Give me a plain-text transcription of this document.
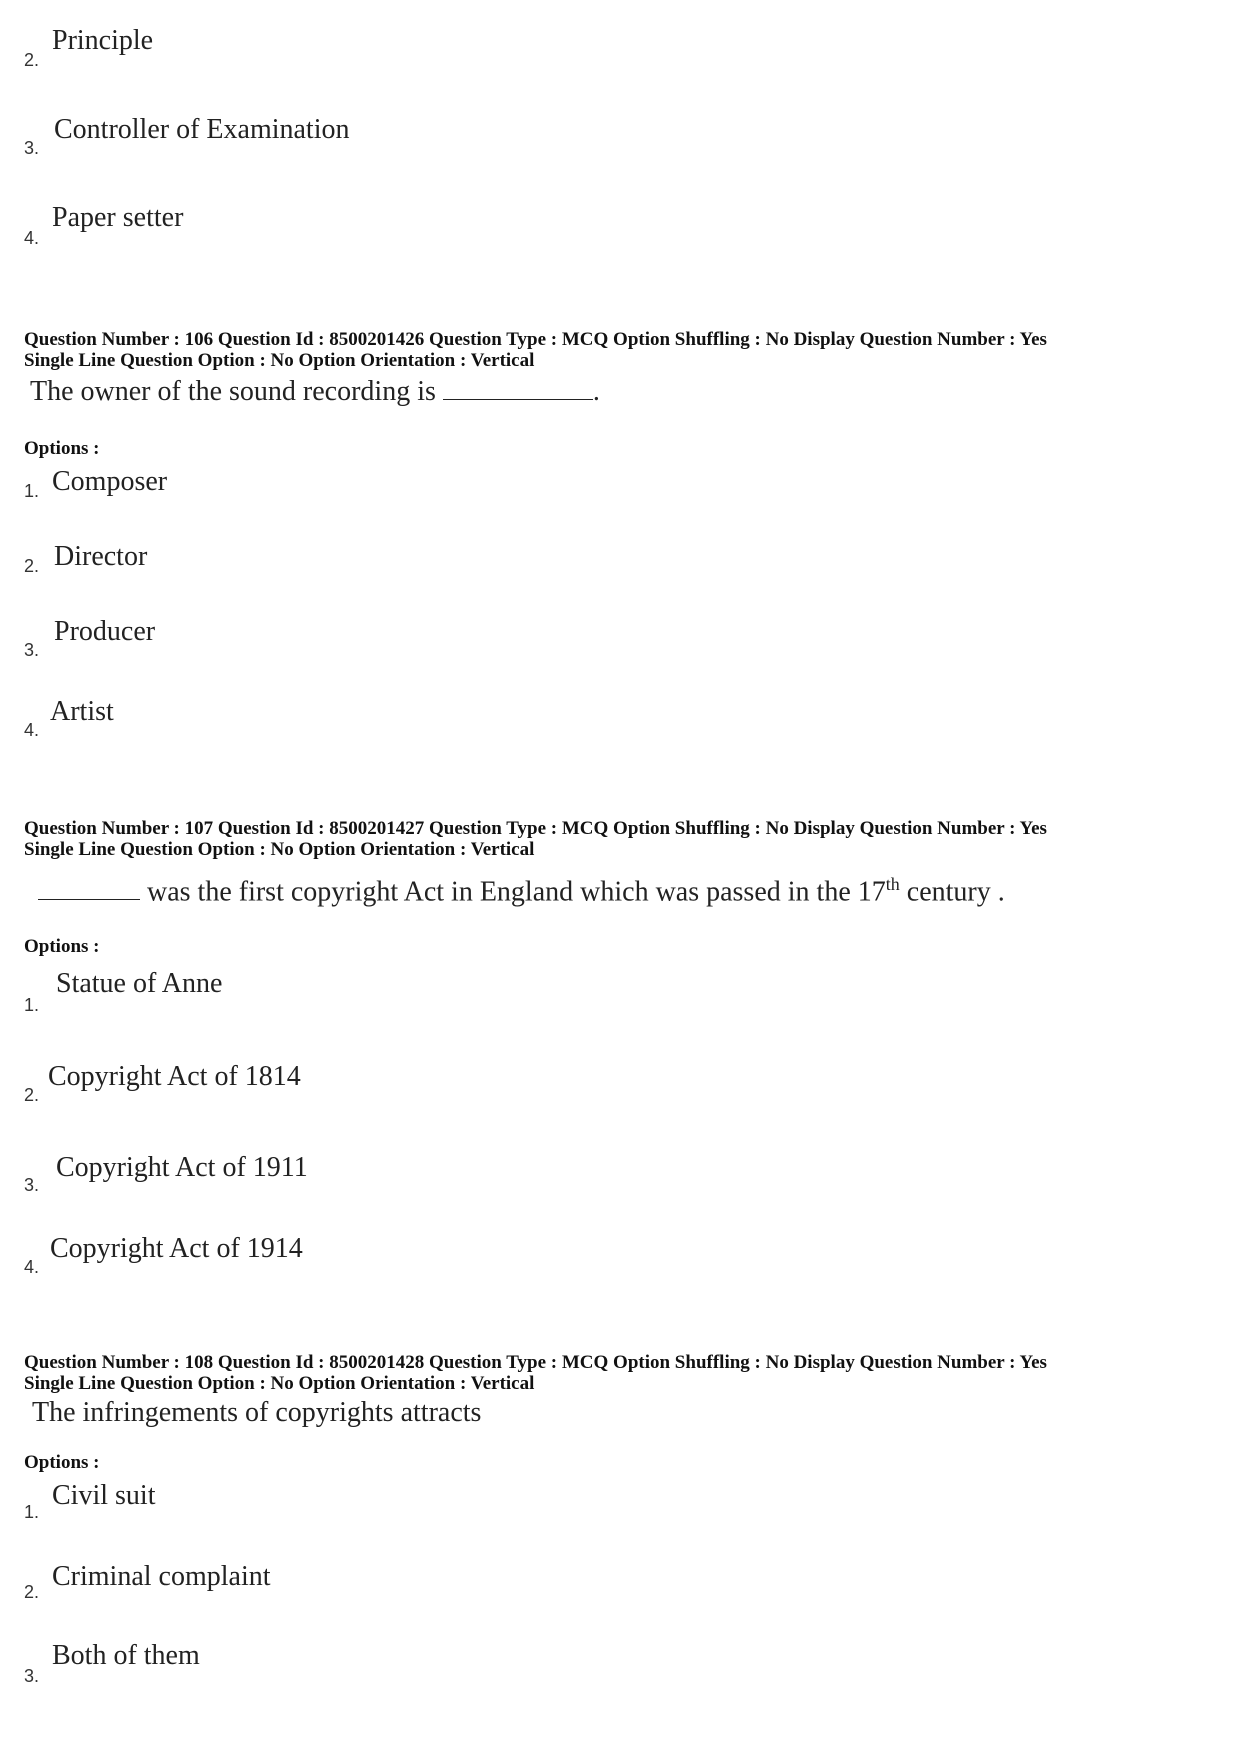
2.
Principle
3.
Controller of Examination
4.
Paper setter
Question Number : 106 Question Id : 8500201426 Question Type : MCQ Option Shuffling : No Display Question Number : Yes
Single Line Question Option : No Option Orientation : Vertical
The owner of the sound recording is	.
Options :
1. Composer
2. Director
3.
Producer
4.
Artist
Question Number : 107 Question Id : 8500201427 Question Type : MCQ Option Shuffling : No Display Question Number : Yes
Single Line Question Option : No Option Orientation : Vertical
was the first copyright Act in England which was passed in the 17th century .
Options :
1.
Statue of Anne
2.
Copyright Act of 1814
3.
Copyright Act of 1911
4.
Copyright Act of 1914
Question Number : 108 Question Id : 8500201428 Question Type : MCQ Option Shuffling : No Display Question Number : Yes
Single Line Question Option : No Option Orientation : Vertical
The infringements of copyrights attracts
Options :
1.
Civil suit
2. Criminal complaint
3.
Both of them
